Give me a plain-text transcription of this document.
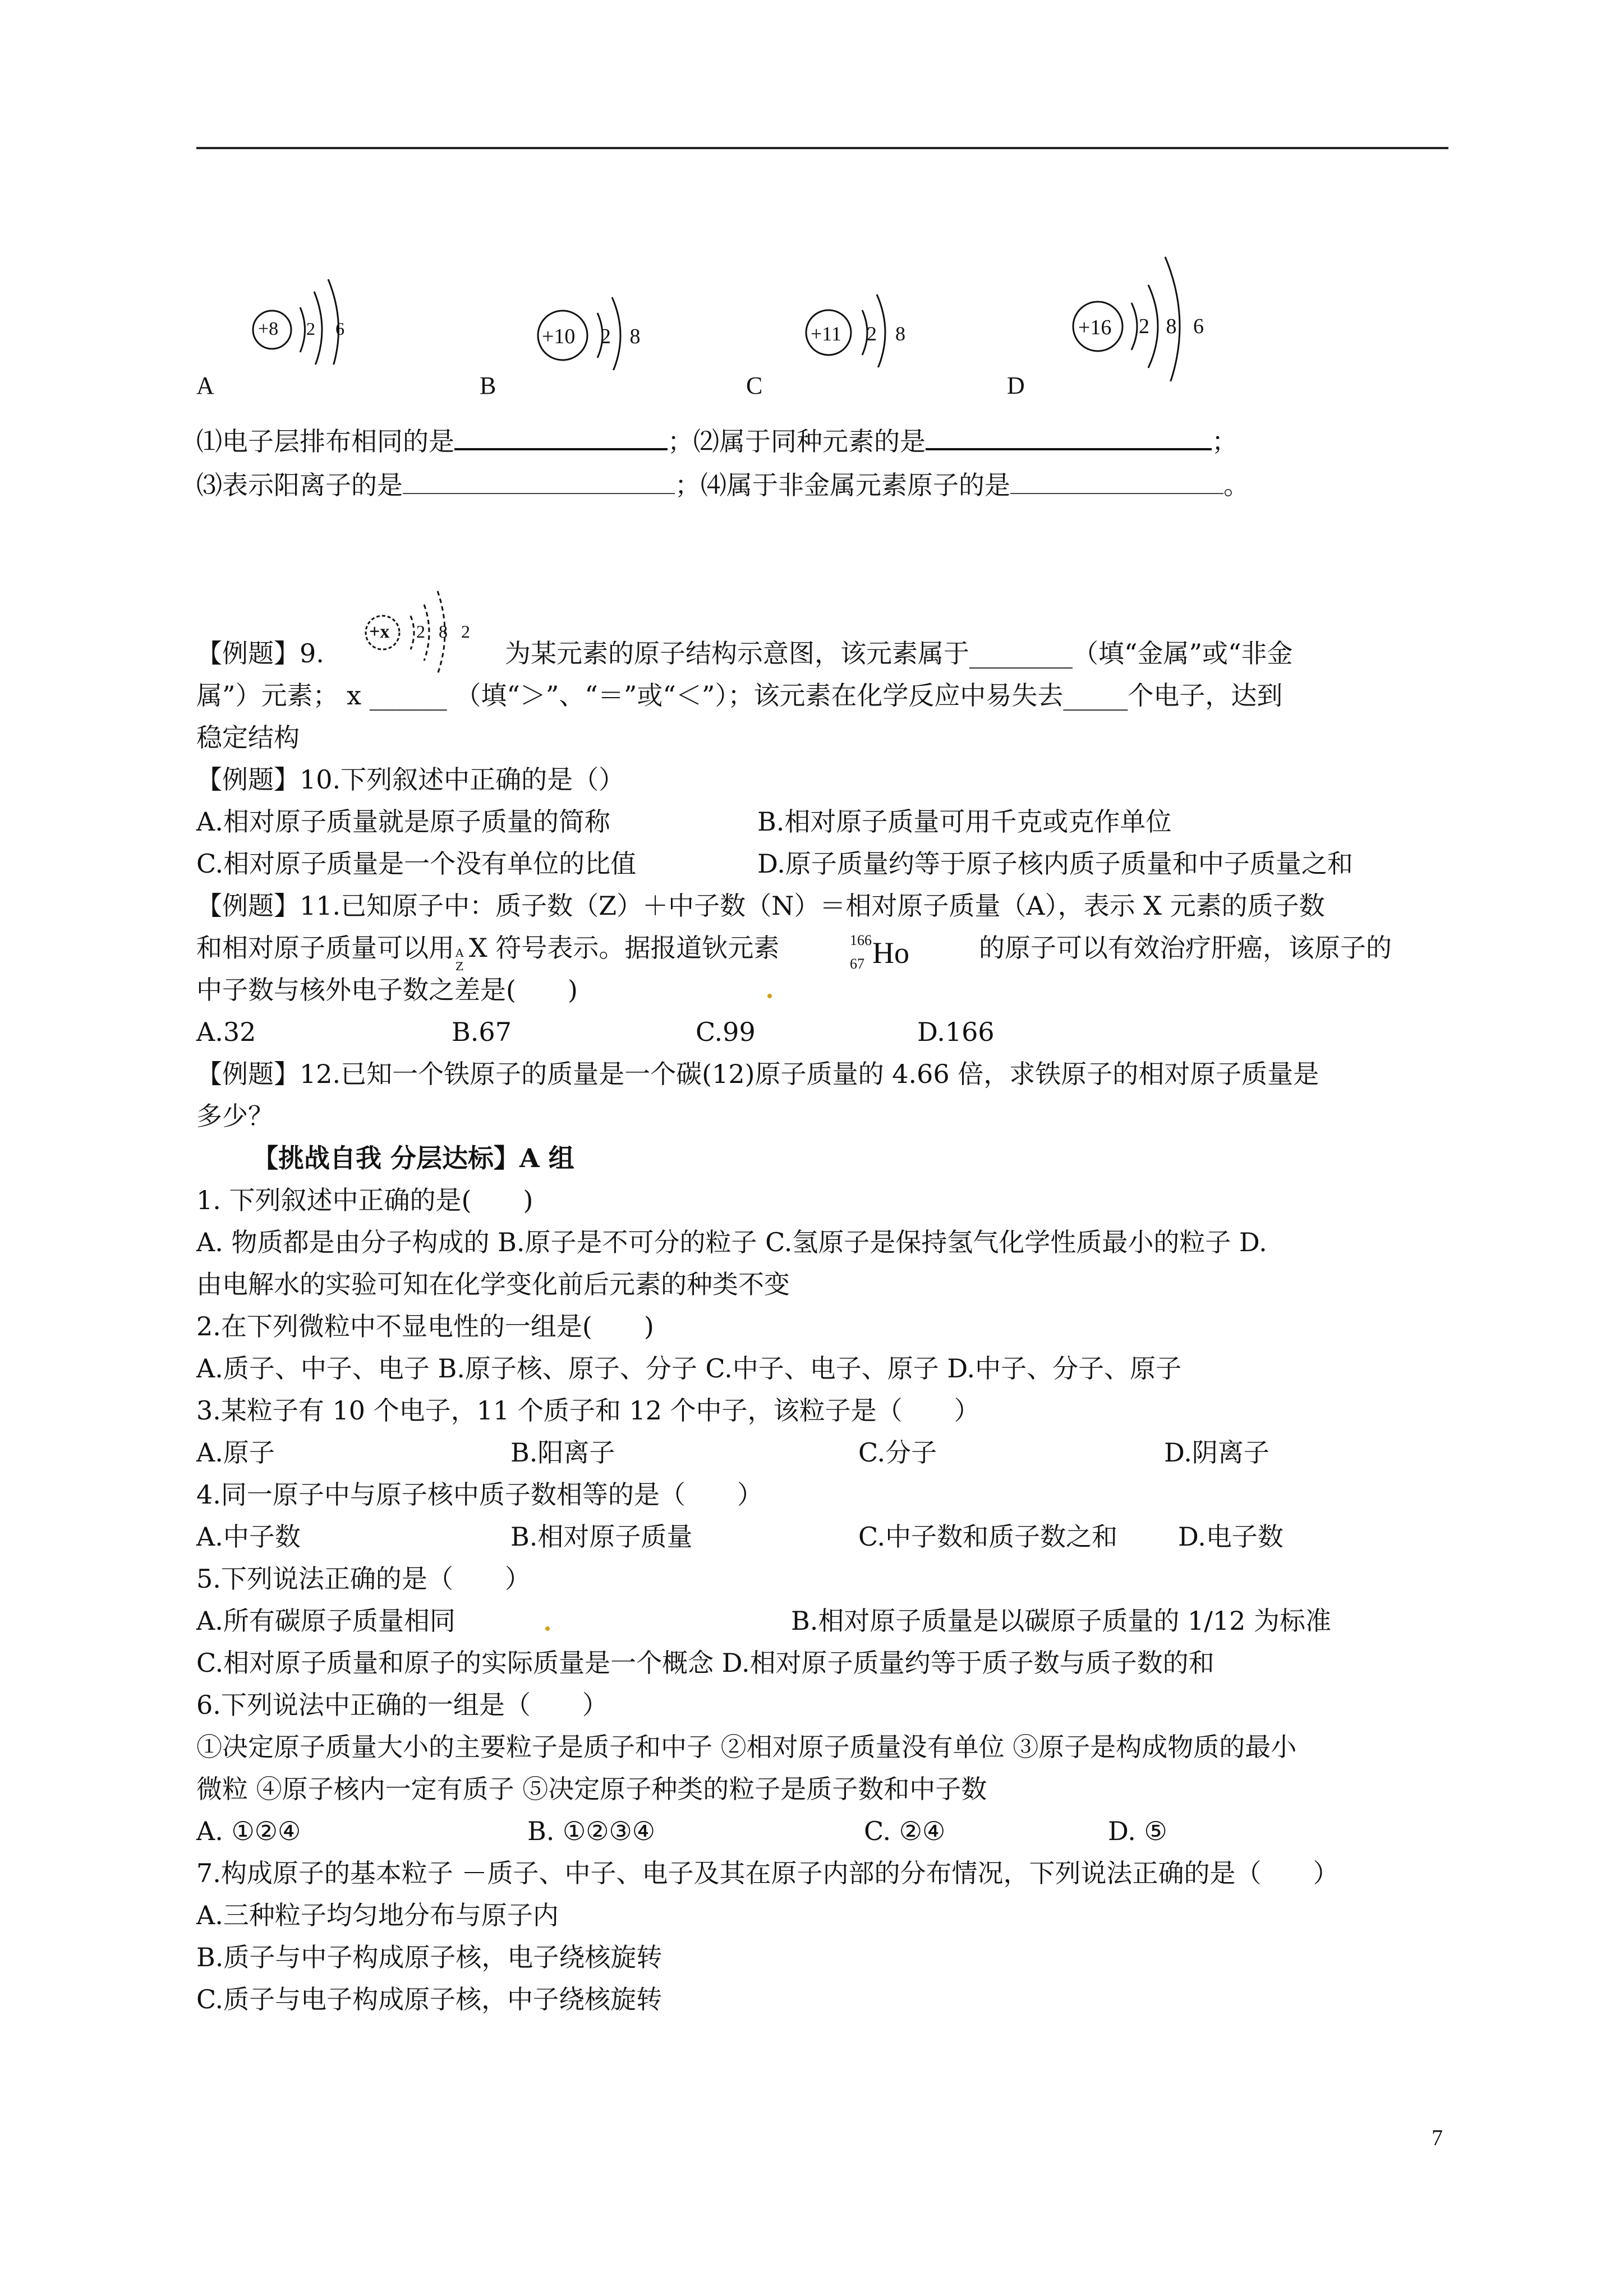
+8 2 6
A
+10 2 8
B
+11 2 8
C
+16 2 8 6
D
⑴电子层排布相同的是	；⑵属于同种元素的是	；
⑶表示阳离子的是	；⑷属于非金属元素原子的是	。
【例题】9.
+x 2 8 2
为某元素的原子结构示意图，该元素属于________（填“金属”或“非金
属”）元素； x ______ （填“＞”、“＝”或“＜”）；该元素在化学反应中易失去_____个电子，达到
稳定结构
【例题】10.下列叙述中正确的是（）
A.相对原子质量就是原子质量的简称	B.相对原子质量可用千克或克作单位
C.相对原子质量是一个没有单位的比值	D.原子质量约等于原子核内质子质量和中子质量之和
【例题】11.已知原子中：质子数（Z）＋中子数（N）＝相对原子质量（A），表示 X 元素的质子数
和相对原子质量可以用 A
Z
X 符号表示。据报道钬元素	166
67 Ho	的原子可以有效治疗肝癌，该原子的
中子数与核外电子数之差是(　　)
A.32	B.67	C.99	D.166
【例题】12.已知一个铁原子的质量是一个碳(12)原子质量的 4.66 倍，求铁原子的相对原子质量是
多少？
【挑战自我 分层达标】A 组
1. 下列叙述中正确的是(　　)
A. 物质都是由分子构成的 B.原子是不可分的粒子 C.氢原子是保持氢气化学性质最小的粒子 D.
由电解水的实验可知在化学变化前后元素的种类不变
2.在下列微粒中不显电性的一组是(　　)
A.质子、中子、电子 B.原子核、原子、分子 C.中子、电子、原子 D.中子、分子、原子
3.某粒子有 10 个电子，11 个质子和 12 个中子，该粒子是（　　）
A.原子	B.阳离子	C.分子	D.阴离子
4.同一原子中与原子核中质子数相等的是（　　）
A.中子数	B.相对原子质量	C.中子数和质子数之和 D.电子数
5.下列说法正确的是（　　）
A.所有碳原子质量相同	B.相对原子质量是以碳原子质量的 1/12 为标准
C.相对原子质量和原子的实际质量是一个概念 D.相对原子质量约等于质子数与质子数的和
6.下列说法中正确的一组是（　　）
①决定原子质量大小的主要粒子是质子和中子 ②相对原子质量没有单位 ③原子是构成物质的最小
微粒 ④原子核内一定有质子 ⑤决定原子种类的粒子是质子数和中子数
A. ①②④	B. ①②③④	C. ②④	D. ⑤
7.构成原子的基本粒子 －质子、中子、电子及其在原子内部的分布情况，下列说法正确的是（　　）
A.三种粒子均匀地分布与原子内
B.质子与中子构成原子核，电子绕核旋转
C.质子与电子构成原子核，中子绕核旋转
7
